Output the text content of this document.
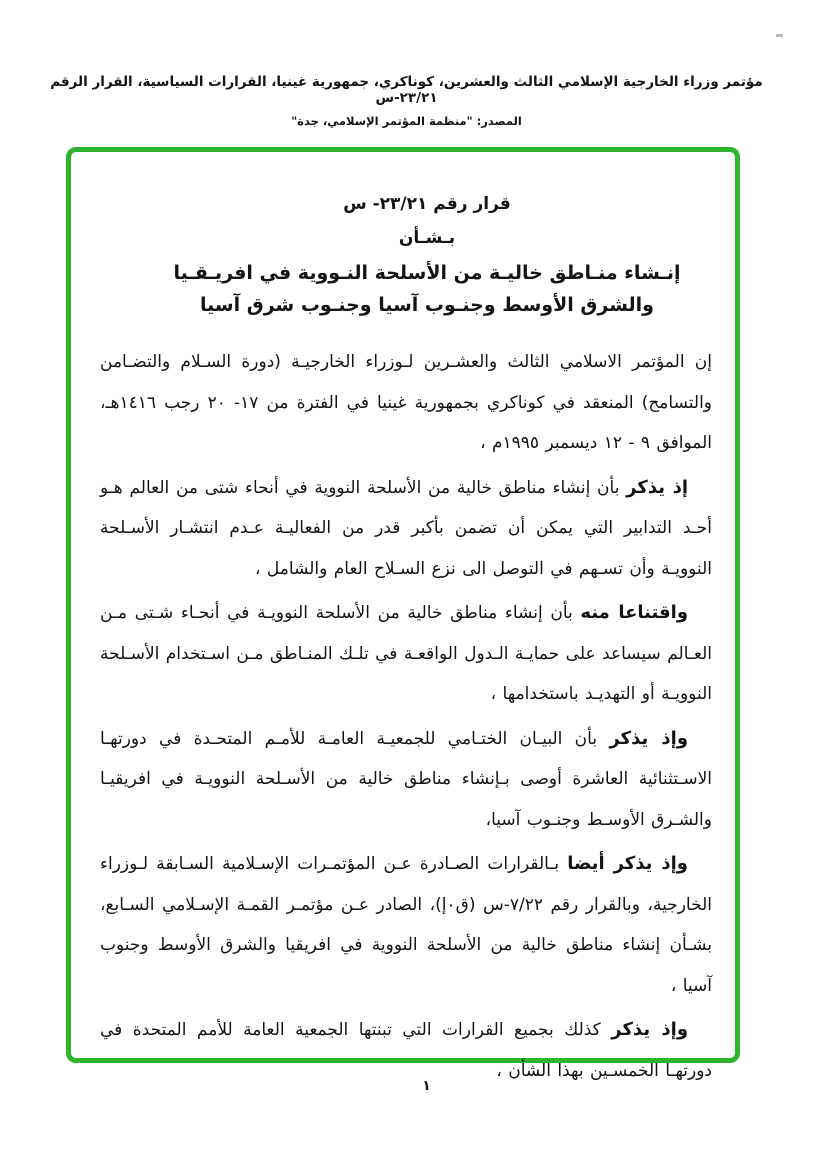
مؤتمر وزراء الخارجية الإسلامي الثالث والعشرين، كوناكري، جمهورية غينيا، القرارات السياسية، القرار الرقم ٢٣/٢١-س
المصدر: "منظمة المؤتمر الإسلامي، جدة"
قرار رقم ٢٣/٢١- س
بـشـأن
إنـشاء منـاطق خاليـة من الأسلحة النـووية في افريـقـيا
والشرق الأوسط وجنـوب آسيا وجنـوب شرق آسيا

إن المؤتمر الاسلامي الثالث والعشـرين لـوزراء الخارجيـة (دورة السـلام والتضـامن والتسامح) المنعقد في كوناكري بجمهورية غينيا في الفترة من ١٧- ٢٠ رجب ١٤١٦هـ، الموافق ٩ - ١٢ ديسمبر ١٩٩٥م ،

إذ يذكر بأن إنشاء مناطق خالية من الأسلحة النووية في أنحاء شتى من العالم هـو أحـد التدابير التي يمكن أن تضمن بأكبر قدر من الفعاليـة عـدم انتشـار الأسـلحة النوويـة وأن تسـهم في التوصل الى نزع السـلاح العام والشامل ،

واقتناعا منه بأن إنشاء مناطق خالية من الأسلحة النوويـة في أنحـاء شـتى مـن العـالم سيساعد على حمايـة الـدول الواقعـة في تلـك المنـاطق مـن اسـتخدام الأسـلحة النوويـة أو التهديـد باستخدامها ،

وإذ يذكر بأن البيـان الختـامي للجمعيـة العامـة للأمـم المتحـدة في دورتهـا الاسـتثنائية العاشرة أوصى بـإنشاء مناطق خالية من الأسـلحة النوويـة في افريقيـا والشـرق الأوسـط وجنـوب آسيا،

وإذ يذكر أيضا بـالقرارات الصـادرة عـن المؤتمـرات الإسـلامية السـابقة لـوزراء الخارجية، وبالقرار رقم ٧/٢٢-س (ق٠إ)، الصادر عـن مؤتمـر القمـة الإسـلامي السـابع، بشـأن إنشاء مناطق خالية من الأسلحة النووية في افريقيا والشرق الأوسط وجنوب آسيا ،

وإذ يذكر كذلك بجميع القرارات التي تبنتها الجمعية العامة للأمم المتحدة في دورتهـا الخمسـين بهذا الشأن ،

١
